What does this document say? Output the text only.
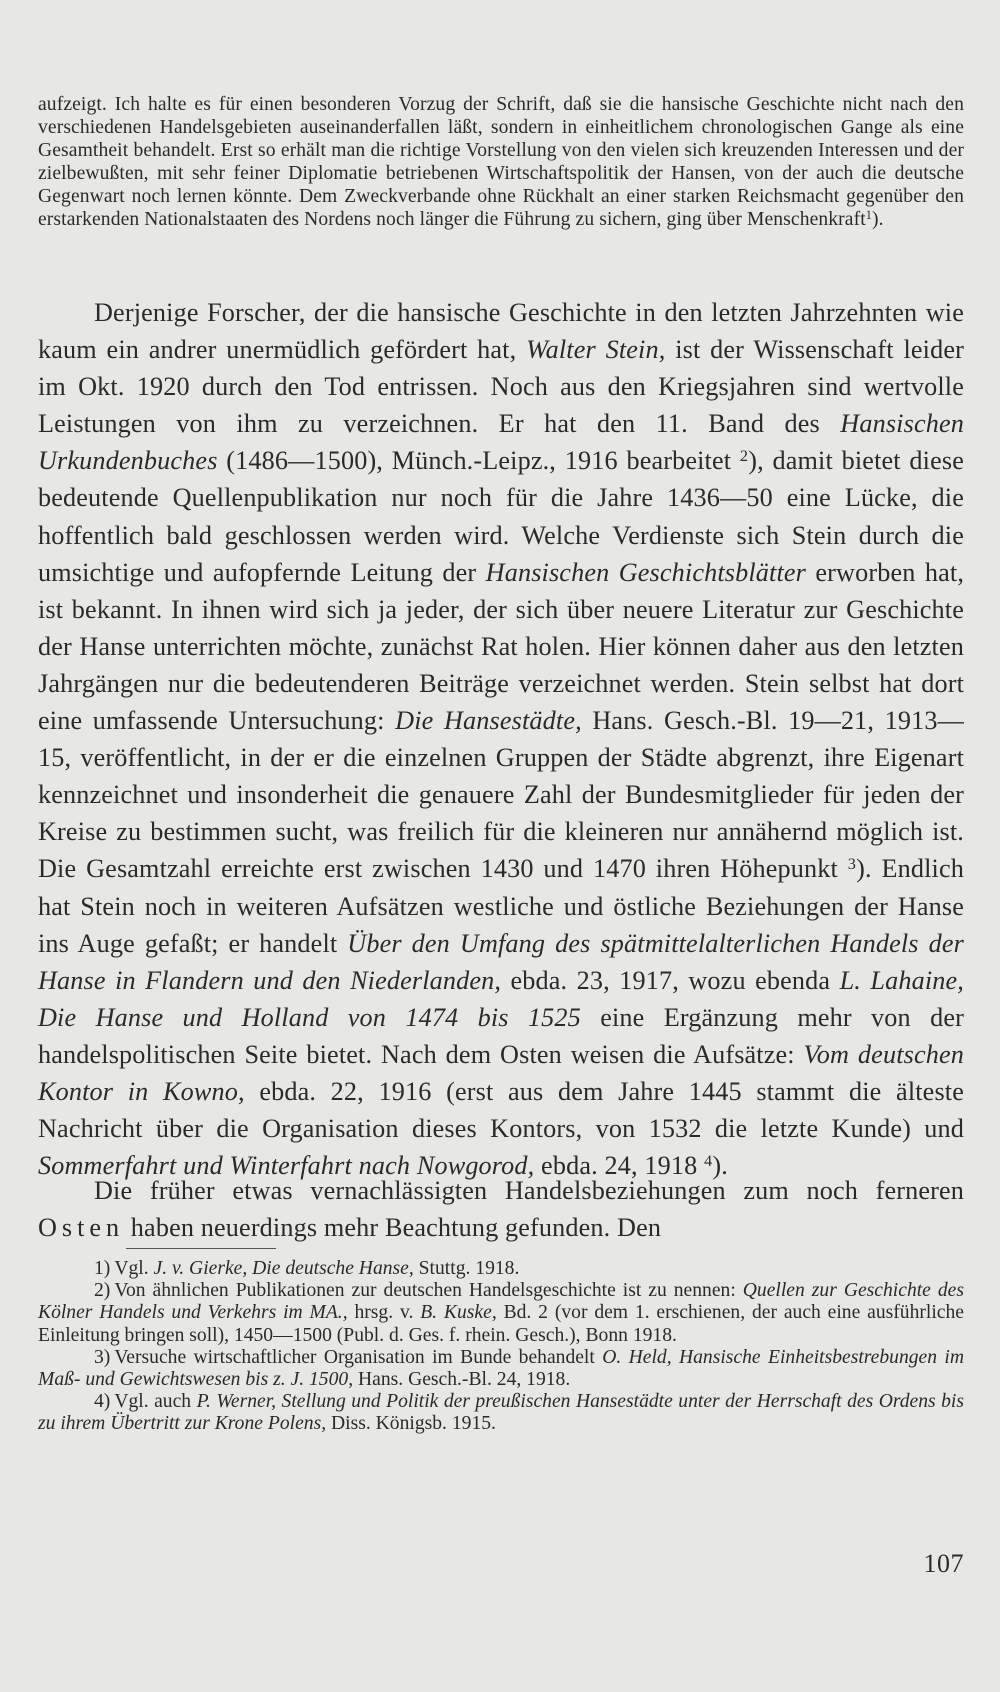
aufzeigt. Ich halte es für einen besonderen Vorzug der Schrift, daß sie die hansische Geschichte nicht nach den verschiedenen Handelsgebieten auseinanderfallen läßt, sondern in einheitlichem chronologischen Gange als eine Gesamtheit behandelt. Erst so erhält man die richtige Vorstellung von den vielen sich kreuzenden Interessen und der zielbewußten, mit sehr feiner Diplomatie betriebenen Wirtschaftspolitik der Hansen, von der auch die deutsche Gegenwart noch lernen könnte. Dem Zweckverbande ohne Rückhalt an einer starken Reichsmacht gegenüber den erstarkenden Nationalstaaten des Nordens noch länger die Führung zu sichern, ging über Menschenkraft$^1$).

Derjenige Forscher, der die hansische Geschichte in den letzten Jahrzehnten wie kaum ein andrer unermüdlich gefördert hat, Walter Stein, ist der Wissenschaft leider im Okt. 1920 durch den Tod entrissen. Noch aus den Kriegsjahren sind wertvolle Leistungen von ihm zu verzeichnen. Er hat den 11. Band des Hansischen Urkundenbuches (1486—1500), Münch.-Leipz., 1916 bearbeitet $^2$), damit bietet diese bedeutende Quellenpublikation nur noch für die Jahre 1436—50 eine Lücke, die hoffentlich bald geschlossen werden wird. Welche Verdienste sich Stein durch die umsichtige und aufopfernde Leitung der Hansischen Geschichtsblätter erworben hat, ist bekannt. In ihnen wird sich ja jeder, der sich über neuere Literatur zur Geschichte der Hanse unterrichten möchte, zunächst Rat holen. Hier können daher aus den letzten Jahrgängen nur die bedeutenderen Beiträge verzeichnet werden. Stein selbst hat dort eine umfassende Untersuchung: Die Hansestädte, Hans. Gesch.-Bl. 19—21, 1913—15, veröffentlicht, in der er die einzelnen Gruppen der Städte abgrenzt, ihre Eigenart kennzeichnet und insonderheit die genauere Zahl der Bundesmitglieder für jeden der Kreise zu bestimmen sucht, was freilich für die kleineren nur annähernd möglich ist. Die Gesamtzahl erreichte erst zwischen 1430 und 1470 ihren Höhepunkt $^3$). Endlich hat Stein noch in weiteren Aufsätzen westliche und östliche Beziehungen der Hanse ins Auge gefaßt; er handelt Über den Umfang des spätmittelalterlichen Handels der Hanse in Flandern und den Niederlanden, ebda. 23, 1917, wozu ebenda L. Lahaine, Die Hanse und Holland von 1474 bis 1525 eine Ergänzung mehr von der handelspolitischen Seite bietet. Nach dem Osten weisen die Aufsätze: Vom deutschen Kontor in Kowno, ebda. 22, 1916 (erst aus dem Jahre 1445 stammt die älteste Nachricht über die Organisation dieses Kontors, von 1532 die letzte Kunde) und Sommerfahrt und Winterfahrt nach Nowgorod, ebda. 24, 1918 $^4$).

Die früher etwas vernachlässigten Handelsbeziehungen zum noch ferneren Osten haben neuerdings mehr Beachtung gefunden. Den

1) Vgl. J. v. Gierke, Die deutsche Hanse, Stuttg. 1918.

2) Von ähnlichen Publikationen zur deutschen Handelsgeschichte ist zu nennen: Quellen zur Geschichte des Kölner Handels und Verkehrs im MA., hrsg. v. B. Kuske, Bd. 2 (vor dem 1. erschienen, der auch eine ausführliche Einleitung bringen soll), 1450—1500 (Publ. d. Ges. f. rhein. Gesch.), Bonn 1918.

3) Versuche wirtschaftlicher Organisation im Bunde behandelt O. Held, Hansische Einheitsbestrebungen im Maß- und Gewichtswesen bis z. J. 1500, Hans. Gesch.-Bl. 24, 1918.

4) Vgl. auch P. Werner, Stellung und Politik der preußischen Hansestädte unter der Herrschaft des Ordens bis zu ihrem Übertritt zur Krone Polens, Diss. Königsb. 1915.

107
